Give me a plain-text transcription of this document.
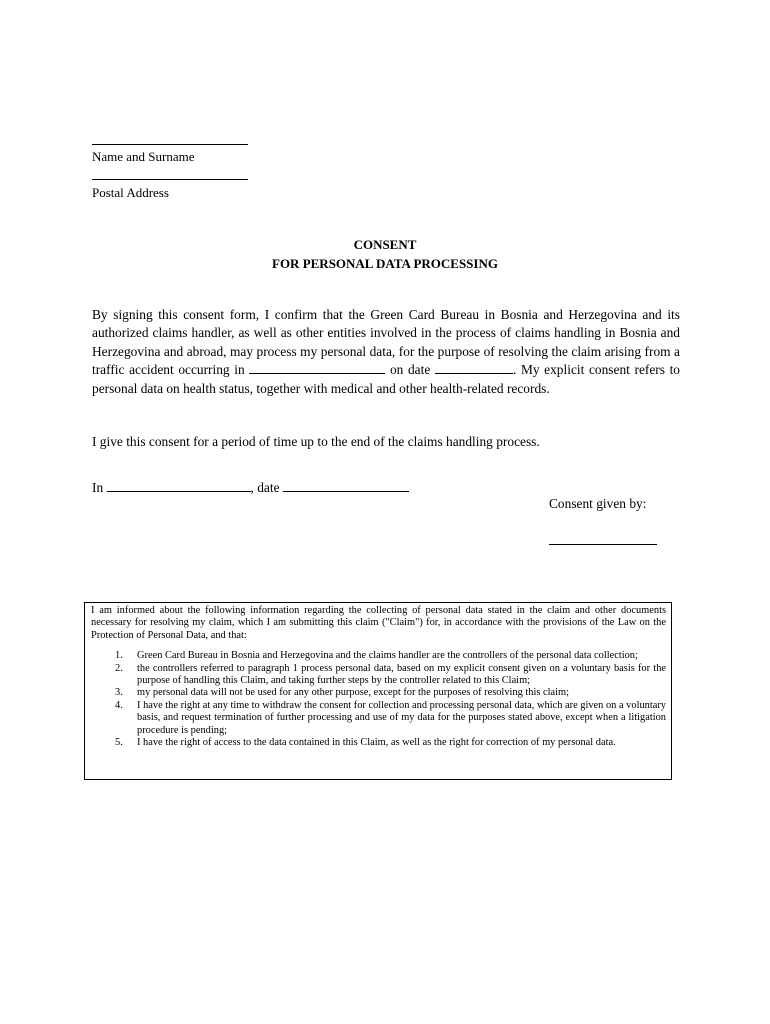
Name and Surname
Postal Address
CONSENT
FOR PERSONAL DATA PROCESSING
By signing this consent form, I confirm that the Green Card Bureau in Bosnia and Herzegovina and its authorized claims handler, as well as other entities involved in the process of claims handling in Bosnia and Herzegovina and abroad, may process my personal data, for the purpose of resolving the claim arising from a traffic accident occurring in	on date	. My explicit consent refers to personal data on health status, together with medical and other health-related records.
I give this consent for a period of time up to the end of the claims handling process.
In	, date
Consent given by:

I am informed about the following information regarding the collecting of personal data stated in the claim and other documents necessary for resolving my claim, which I am submitting this claim ("Claim") for, in accordance with the provisions of the Law on the Protection of Personal Data, and that:

1.	Green Card Bureau in Bosnia and Herzegovina and the claims handler are the controllers of the personal data collection;
2.	the controllers referred to paragraph 1 process personal data, based on my explicit consent given on a voluntary basis for the purpose of handling this Claim, and taking further steps by the controller related to this Claim;
3.	my personal data will not be used for any other purpose, except for the purposes of resolving this claim;
4.	I have the right at any time to withdraw the consent for collection and processing personal data, which are given on a voluntary basis, and request termination of further processing and use of my data for the purposes stated above, except when a litigation procedure is pending;
5.	I have the right of access to the data contained in this Claim, as well as the right for correction of my personal data.
